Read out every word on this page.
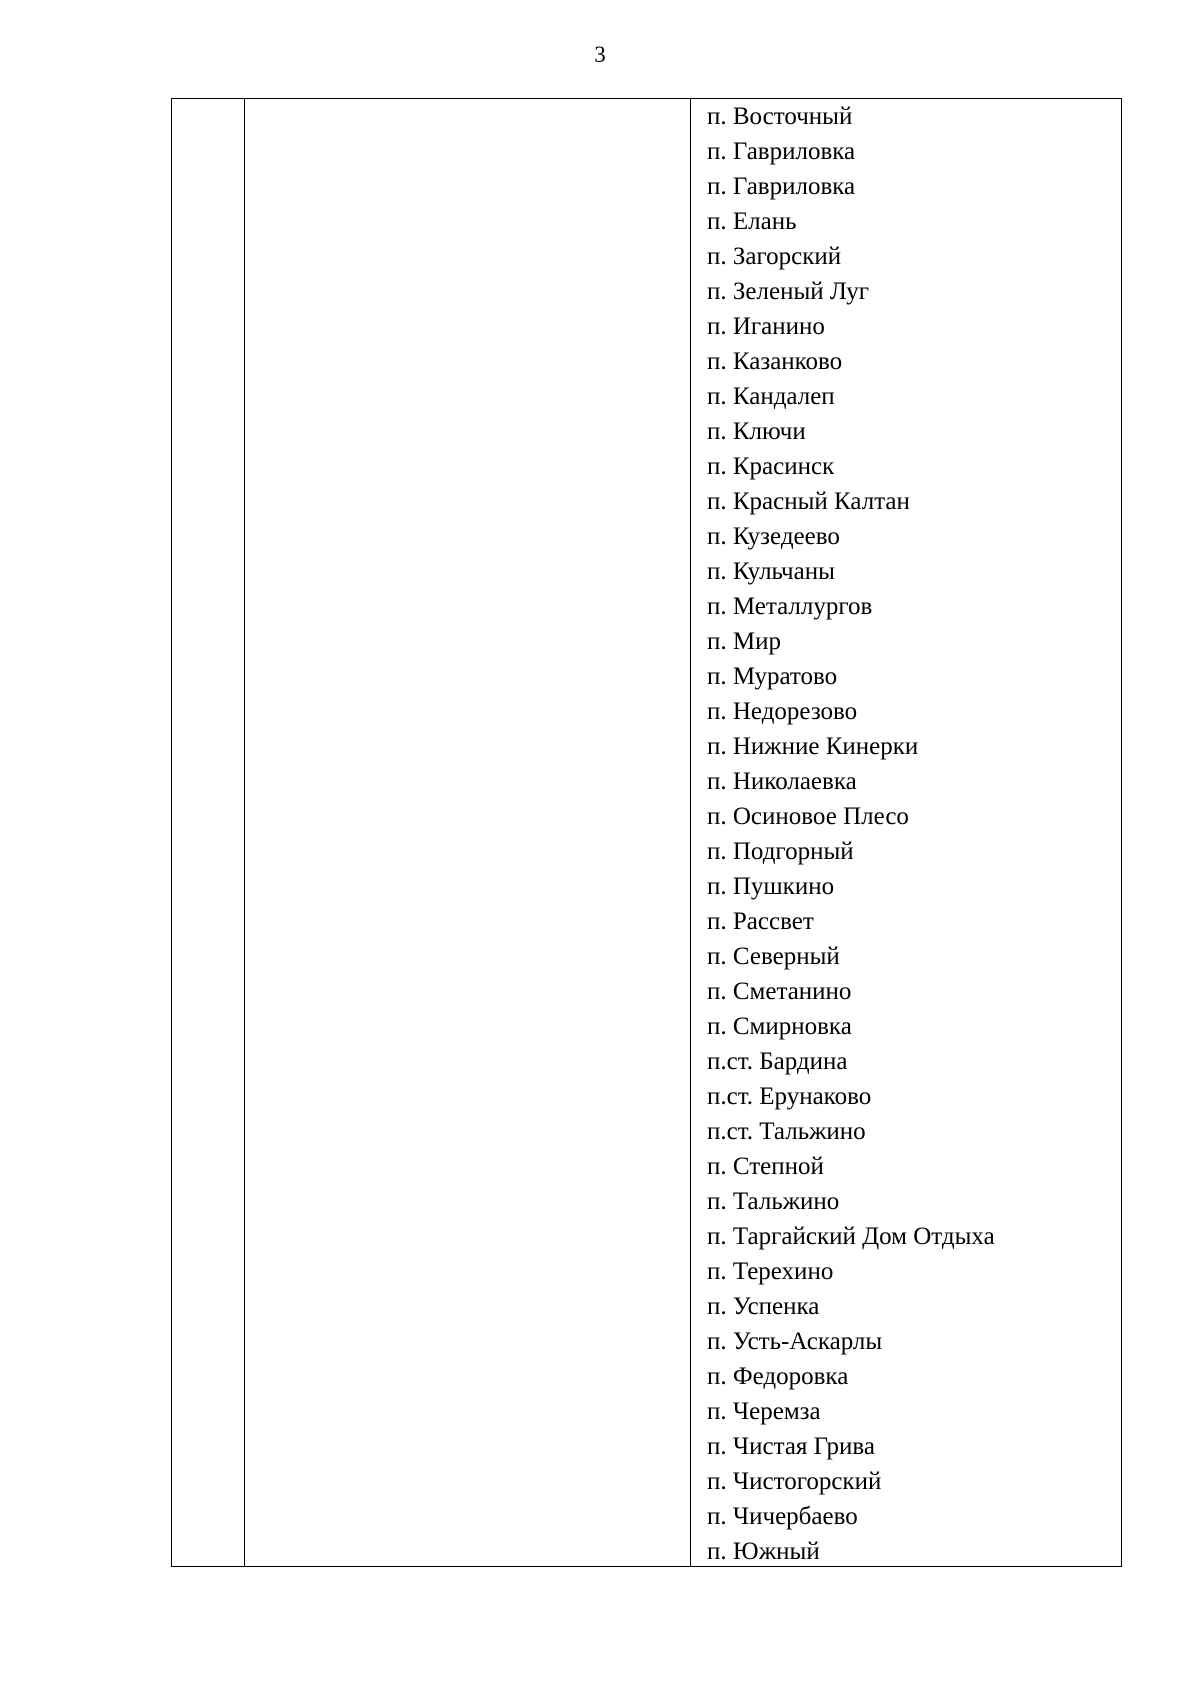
3
п. Восточный
п. Гавриловка
п. Гавриловка
п. Елань
п. Загорский
п. Зеленый Луг
п. Иганино
п. Казанково
п. Кандалеп
п. Ключи
п. Красинск
п. Красный Калтан
п. Кузедеево
п. Кульчаны
п. Металлургов
п. Мир
п. Муратово
п. Недорезово
п. Нижние Кинерки
п. Николаевка
п. Осиновое Плесо
п. Подгорный
п. Пушкино
п. Рассвет
п. Северный
п. Сметанино
п. Смирновка
п.ст. Бардина
п.ст. Ерунаково
п.ст. Тальжино
п. Степной
п. Тальжино
п. Таргайский Дом Отдыха
п. Терехино
п. Успенка
п. Усть-Аскарлы
п. Федоровка
п. Черемза
п. Чистая Грива
п. Чистогорский
п. Чичербаево
п. Южный
